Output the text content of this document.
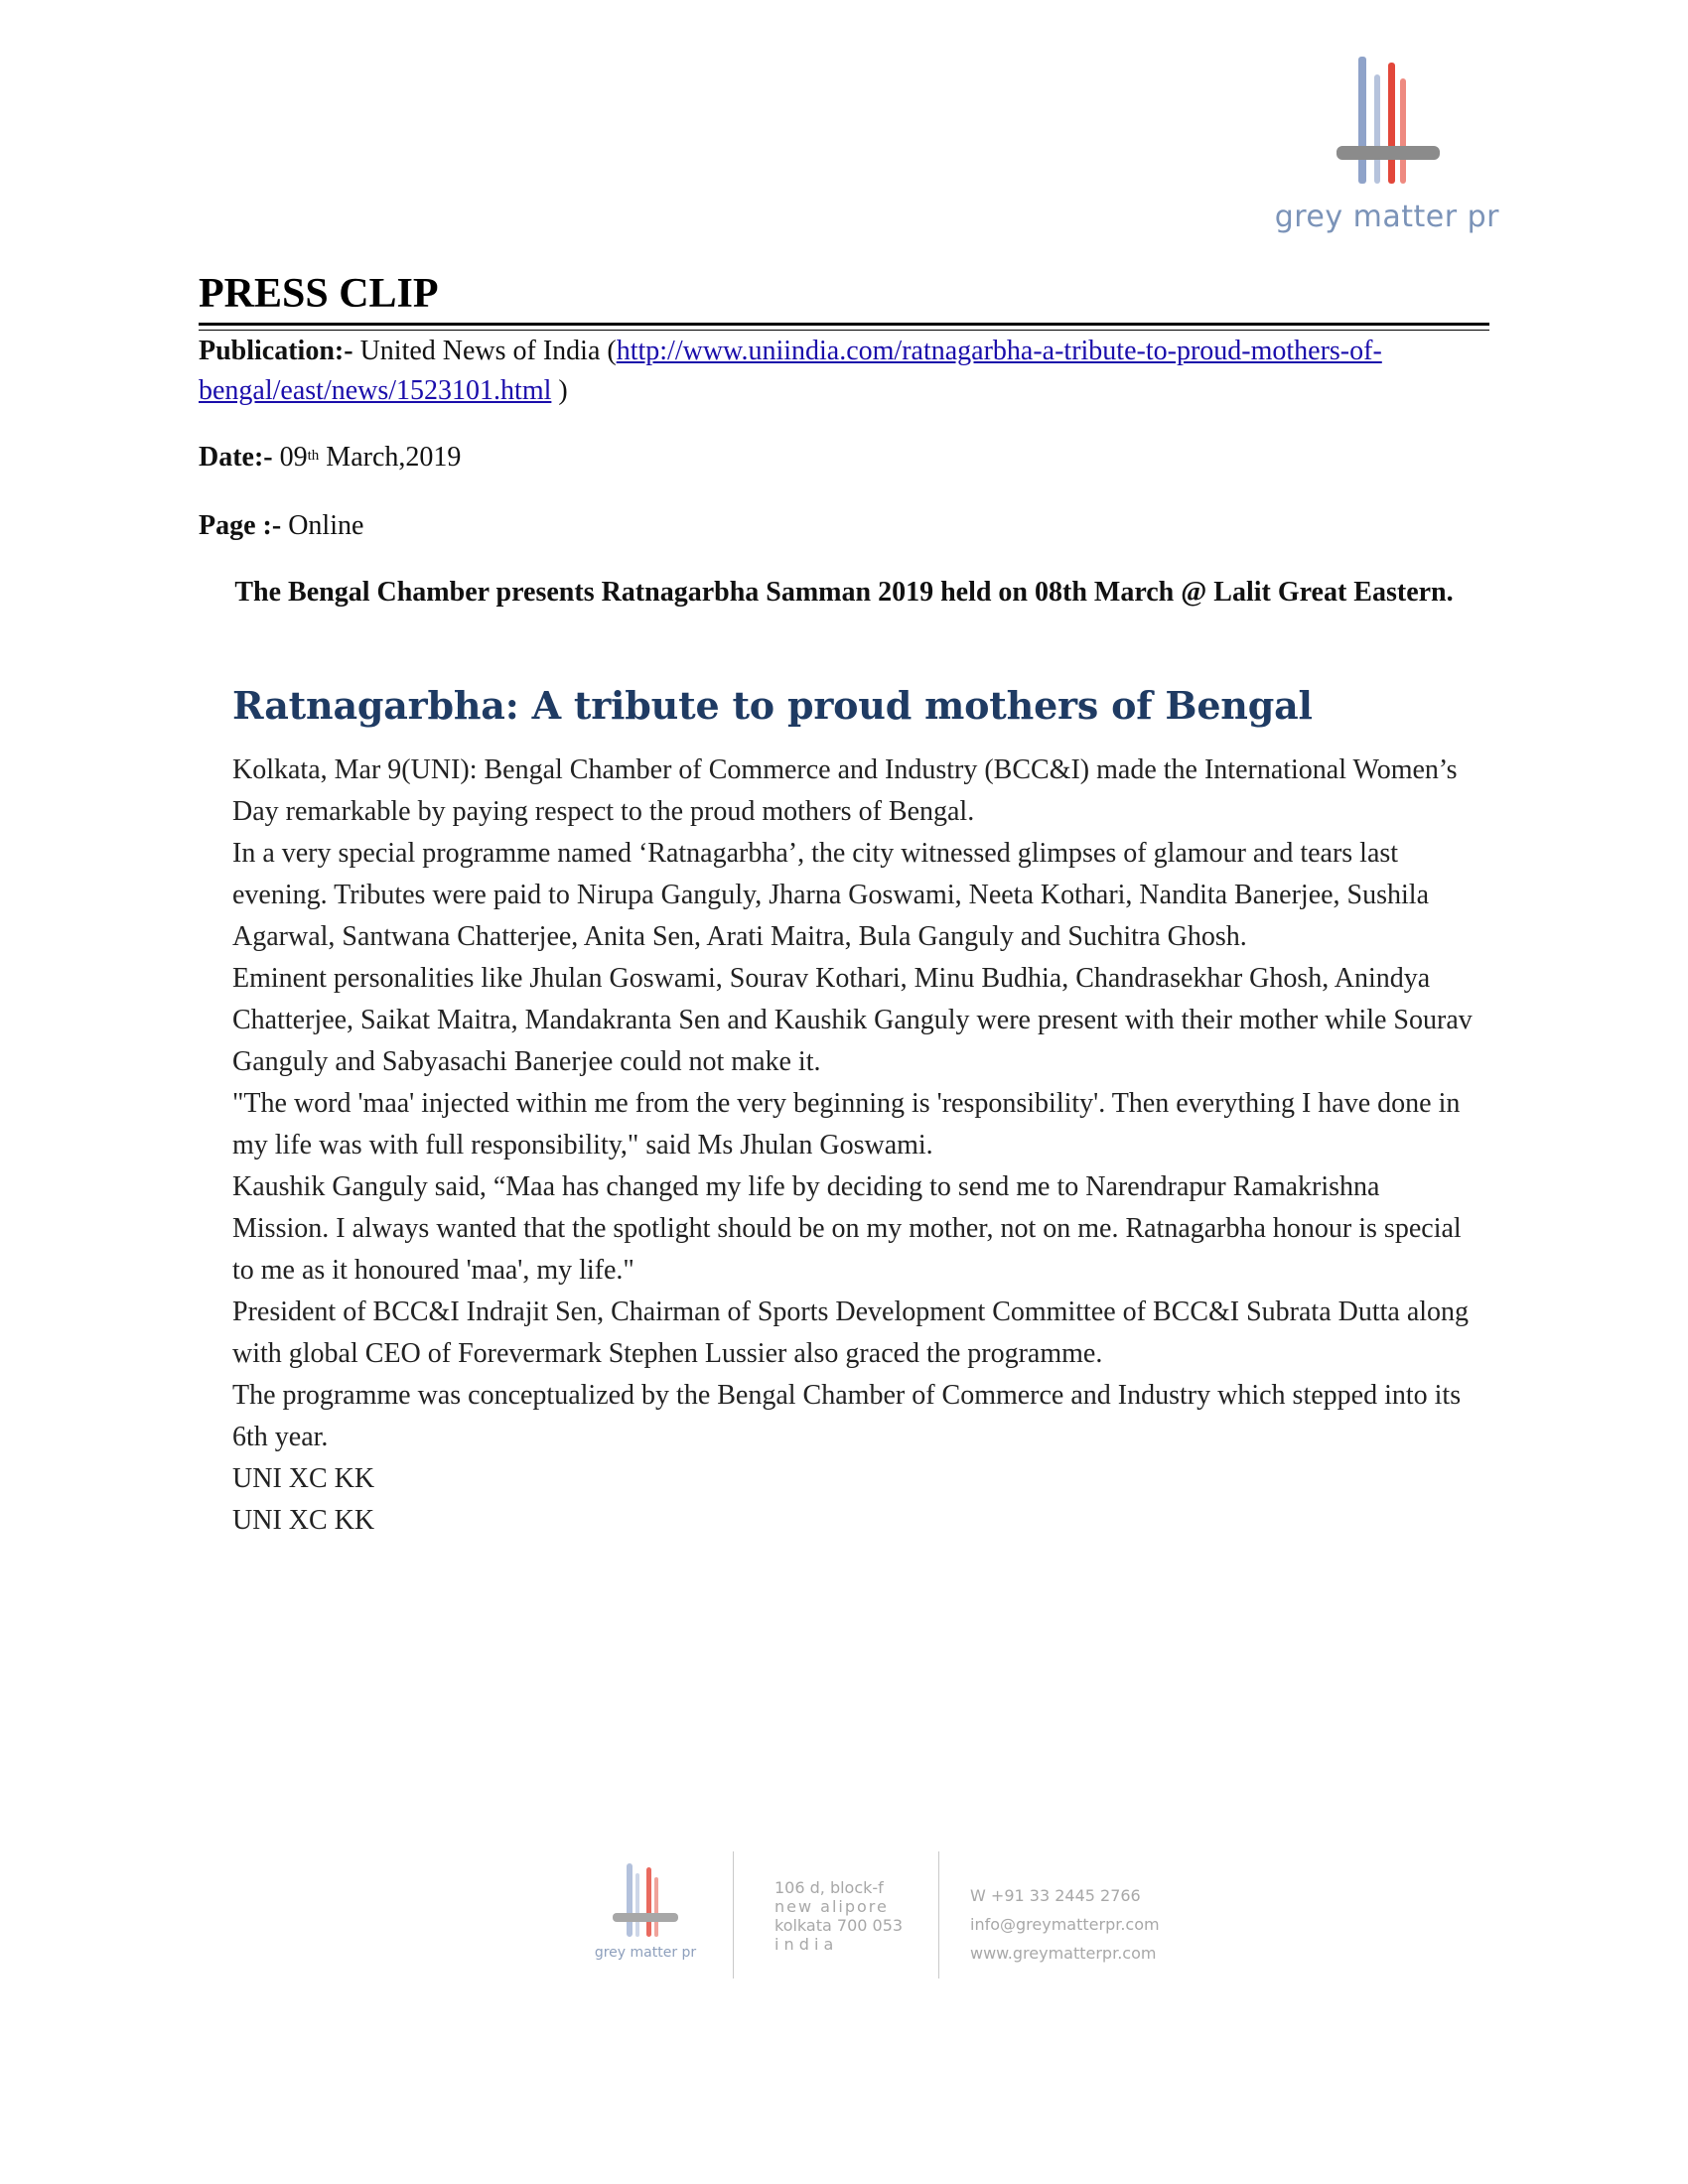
grey matter pr
PRESS CLIP
Publication:- United News of India (http://www.uniindia.com/ratnagarbha-a-tribute-to-proud-mothers-of-bengal/east/news/1523101.html )
Date:- 09th March,2019
Page :- Online
The Bengal Chamber presents Ratnagarbha Samman 2019 held on 08th March @ Lalit Great Eastern.
Ratnagarbha: A tribute to proud mothers of Bengal

Kolkata, Mar 9(UNI): Bengal Chamber of Commerce and Industry (BCC&I) made the International Women’s Day remarkable by paying respect to the proud mothers of Bengal.

In a very special programme named ‘Ratnagarbha’, the city witnessed glimpses of glamour and tears last evening. Tributes were paid to Nirupa Ganguly, Jharna Goswami, Neeta Kothari, Nandita Banerjee, Sushila Agarwal, Santwana Chatterjee, Anita Sen, Arati Maitra, Bula Ganguly and Suchitra Ghosh.

Eminent personalities like Jhulan Goswami, Sourav Kothari, Minu Budhia, Chandrasekhar Ghosh, Anindya Chatterjee, Saikat Maitra, Mandakranta Sen and Kaushik Ganguly were present with their mother while Sourav Ganguly and Sabyasachi Banerjee could not make it.

"The word 'maa' injected within me from the very beginning is 'responsibility'. Then everything I have done in my life was with full responsibility," said Ms Jhulan Goswami.

Kaushik Ganguly said, “Maa has changed my life by deciding to send me to Narendrapur Ramakrishna Mission. I always wanted that the spotlight should be on my mother, not on me. Ratnagarbha honour is special to me as it honoured 'maa', my life."

President of BCC&I Indrajit Sen, Chairman of Sports Development Committee of BCC&I Subrata Dutta along with global CEO of Forevermark Stephen Lussier also graced the programme.

The programme was conceptualized by the Bengal Chamber of Commerce and Industry which stepped into its 6th year.

UNI XC KK

UNI XC KK

grey matter pr
106 d, block-f
new alipore
kolkata 700 053
i n d i a
W +91 33 2445 2766
info@greymatterpr.com
www.greymatterpr.com
